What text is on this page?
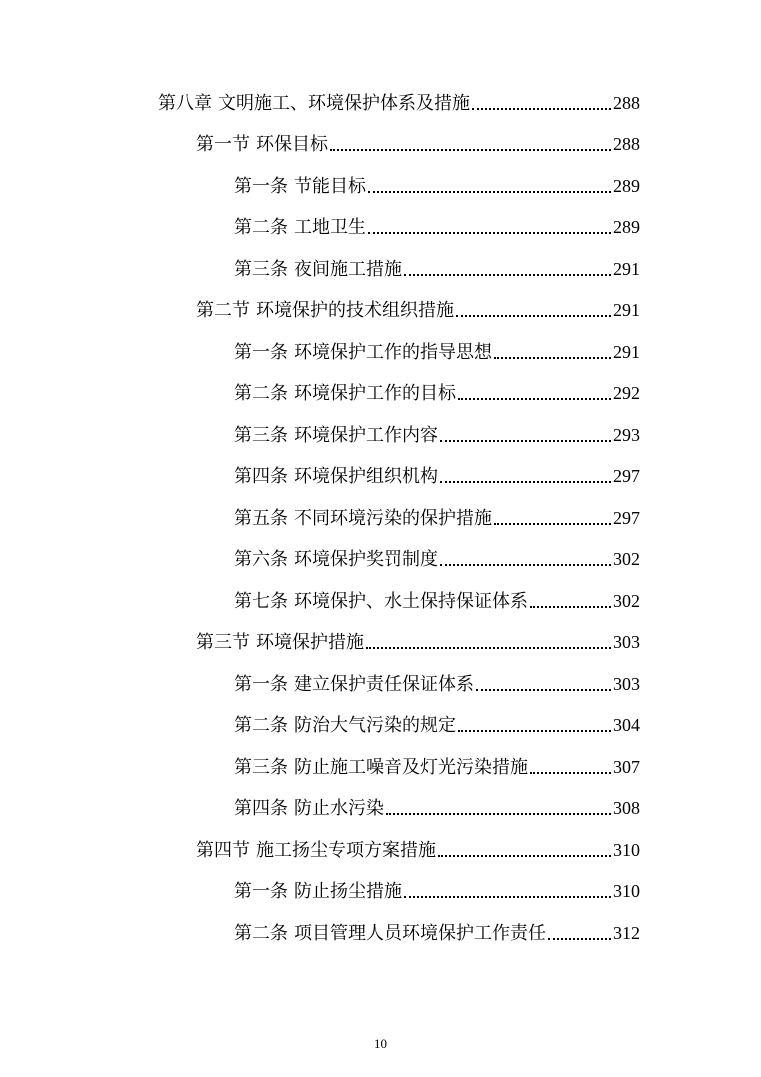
第八章 文明施工、环境保护体系及措施	288
第一节 环保目标	288
第一条 节能目标	289
第二条 工地卫生	289
第三条 夜间施工措施	291
第二节 环境保护的技术组织措施	291
第一条 环境保护工作的指导思想	291
第二条 环境保护工作的目标	292
第三条 环境保护工作内容	293
第四条 环境保护组织机构	297
第五条 不同环境污染的保护措施	297
第六条 环境保护奖罚制度	302
第七条 环境保护、水土保持保证体系	302
第三节 环境保护措施	303
第一条 建立保护责任保证体系	303
第二条 防治大气污染的规定	304
第三条 防止施工噪音及灯光污染措施	307
第四条 防止水污染	308
第四节 施工扬尘专项方案措施	310
第一条 防止扬尘措施	310
第二条 项目管理人员环境保护工作责任	312
10
